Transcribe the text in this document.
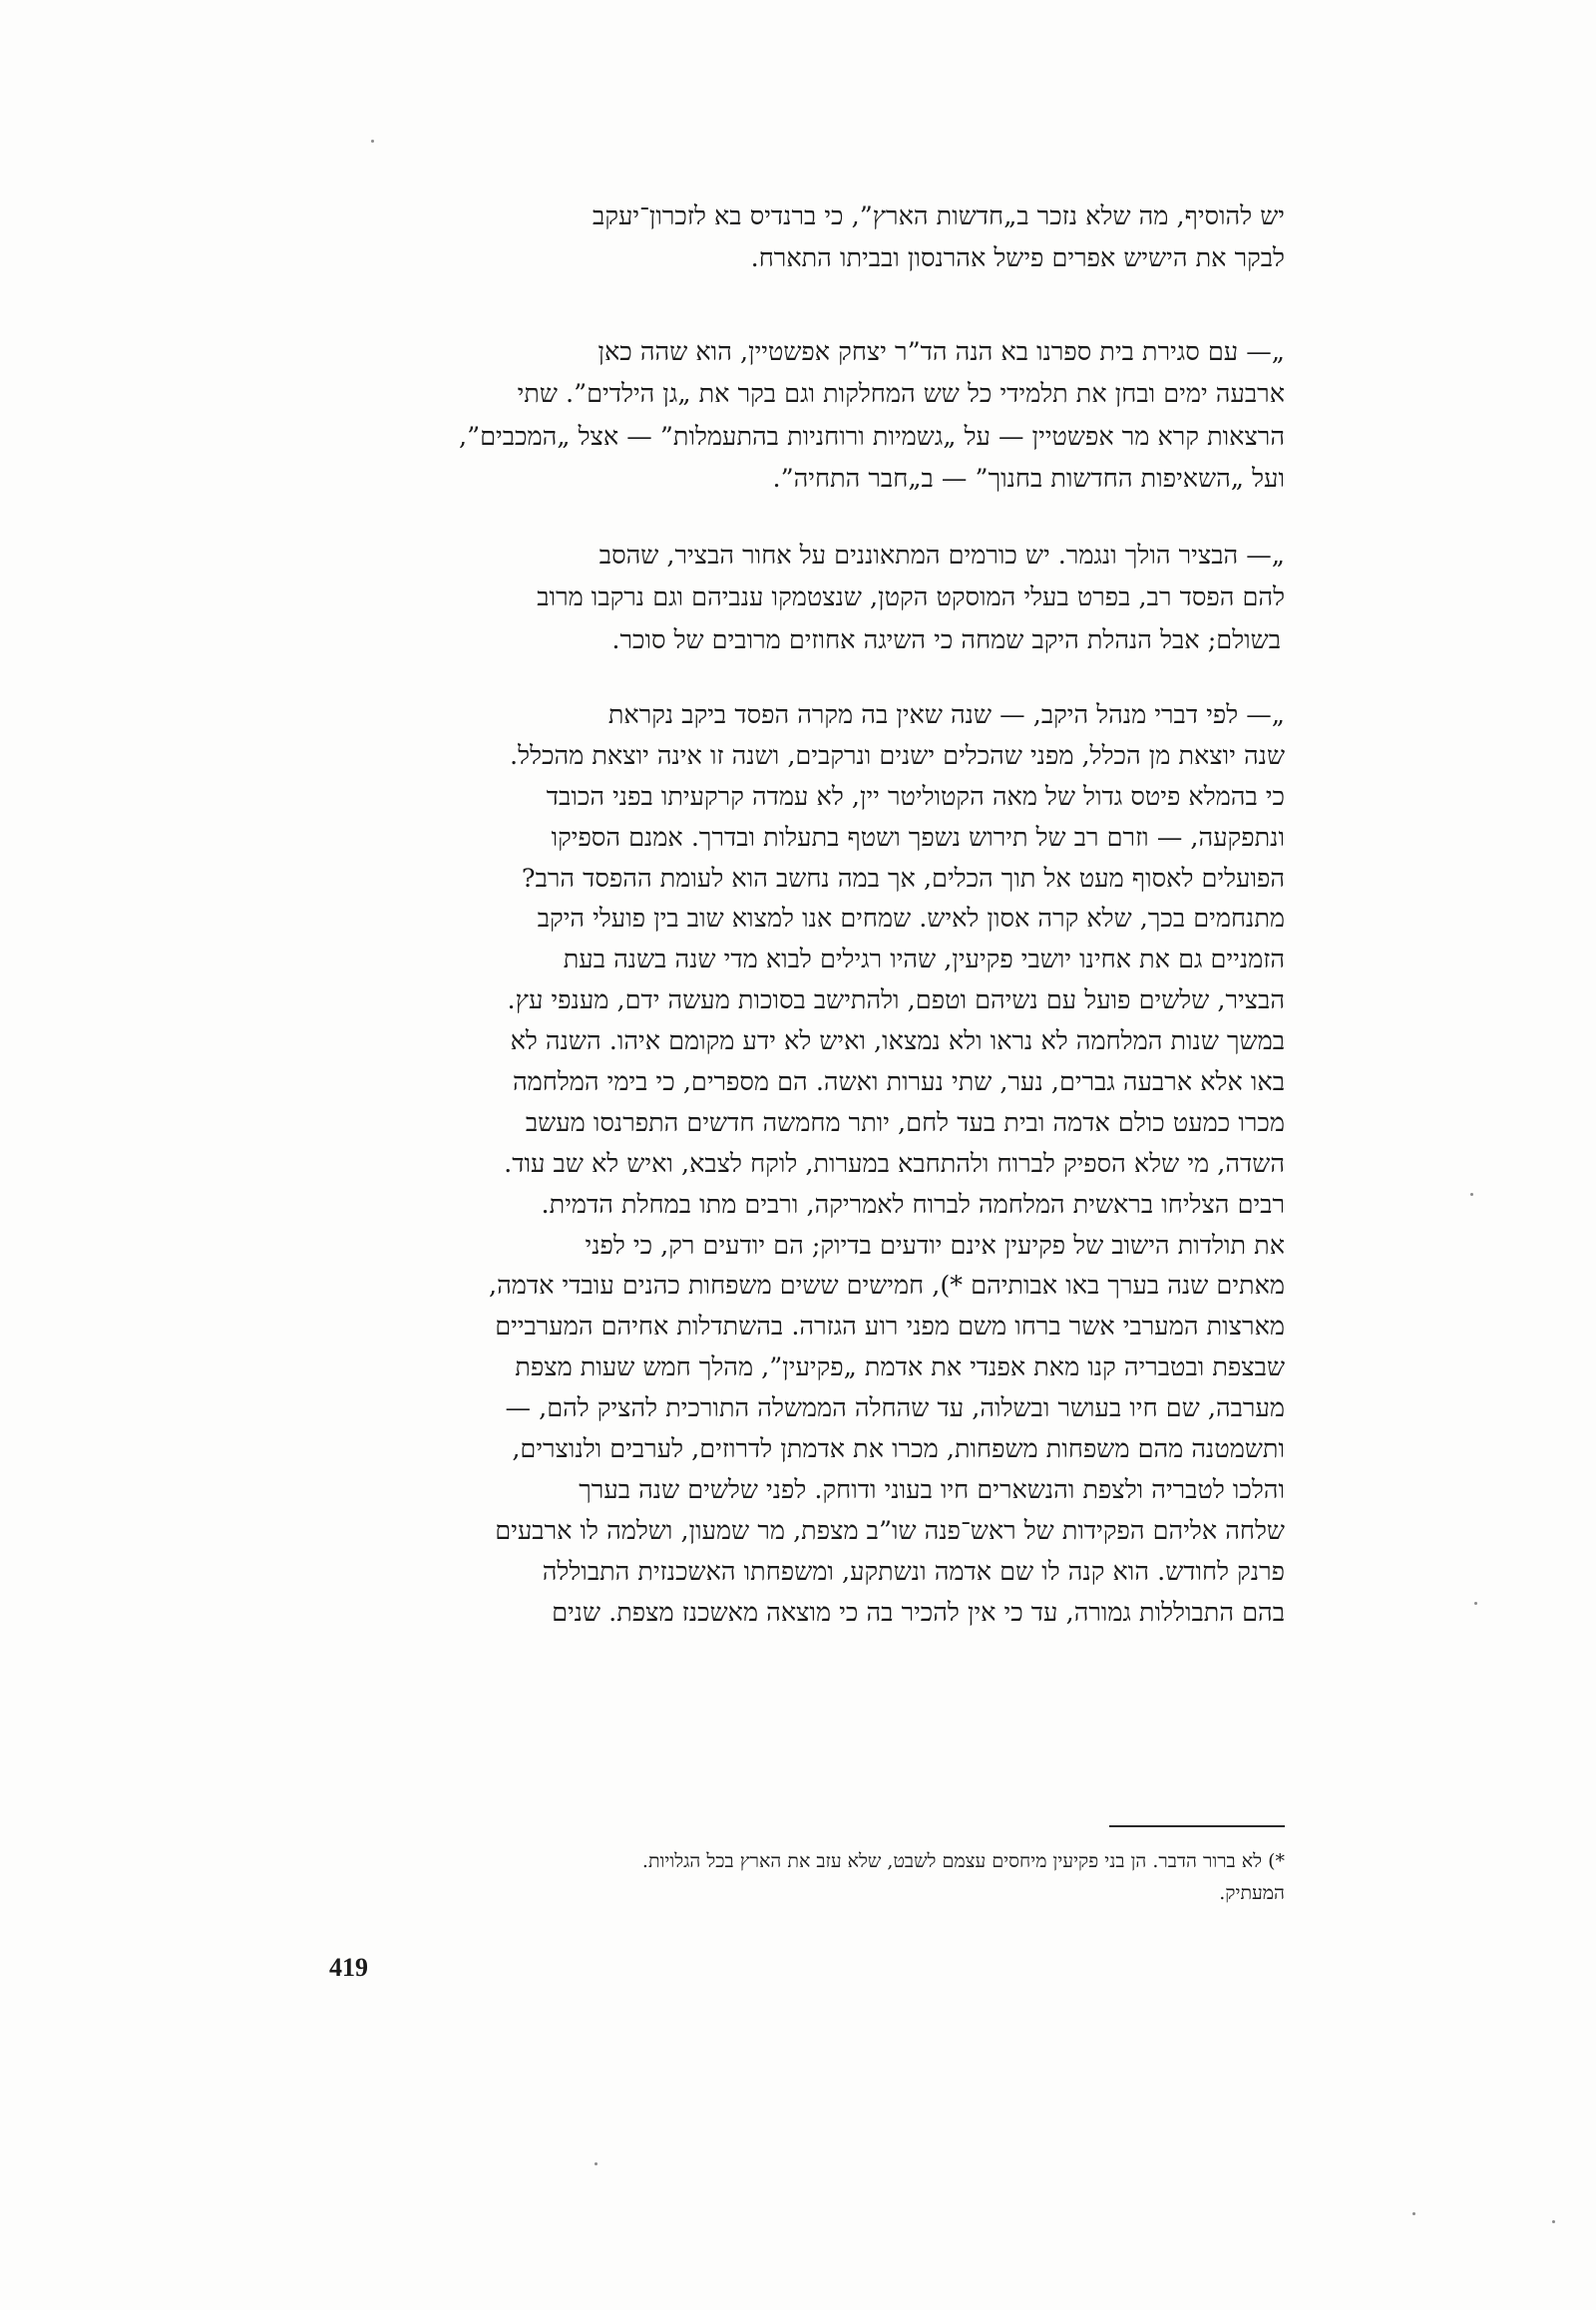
יש להוסיף, מה שלא נזכר ב„חדשות הארץ”, כי ברנדיס בא לזכרון־יעקב
לבקר את הישיש אפרים פישל אהרנסון ובביתו התארח.
„— עם סגירת בית ספרנו בא הנה הד”ר יצחק אפשטיין, הוא שהה כאן
ארבעה ימים ובחן את תלמידי כל שש המחלקות וגם בקר את „גן הילדים”. שתי
הרצאות קרא מר אפשטיין — על „גשמיות ורוחניות בהתעמלות” — אצל „המכבים”,
ועל „השאיפות החדשות בחנוך” — ב„חבר התחיה”.
„— הבציר הולך ונגמר. יש כורמים המתאוננים על אחור הבציר, שהסב
להם הפסד רב, בפרט בעלי המוסקט הקטן, שנצטמקו ענביהם וגם נרקבו מרוב
בשולם; אבל הנהלת היקב שמחה כי השיגה אחוזים מרובים של סוכר.
„— לפי דברי מנהל היקב, — שנה שאין בה מקרה הפסד ביקב נקראת
שנה יוצאת מן הכלל, מפני שהכלים ישנים ונרקבים, ושנה זו אינה יוצאת מהכלל.
כי בהמלא פיטס גדול של מאה הקטוליטר יין, לא עמדה קרקעיתו בפני הכובד
ונתפקעה, — וזרם רב של תירוש נשפך ושטף בתעלות ובדרך. אמנם הספיקו
הפועלים לאסוף מעט אל תוך הכלים, אך במה נחשב הוא לעומת ההפסד הרב?
מתנחמים בכך, שלא קרה אסון לאיש. שמחים אנו למצוא שוב בין פועלי היקב
הזמניים גם את אחינו יושבי פקיעין, שהיו רגילים לבוא מדי שנה בשנה בעת
הבציר, שלשים פועל עם נשיהם וטפם, ולהתישב בסוכות מעשה ידם, מענפי עץ.
במשך שנות המלחמה לא נראו ולא נמצאו, ואיש לא ידע מקומם איהו. השנה לא
באו אלא ארבעה גברים, נער, שתי נערות ואשה. הם מספרים, כי בימי המלחמה
מכרו כמעט כולם אדמה ובית בעד לחם, יותר מחמשה חדשים התפרנסו מעשב
השדה, מי שלא הספיק לברוח ולהתחבא במערות, לוקח לצבא, ואיש לא שב עוד.
רבים הצליחו בראשית המלחמה לברוח לאמריקה, ורבים מתו במחלת הדמית.
את תולדות הישוב של פקיעין אינם יודעים בדיוק; הם יודעים רק, כי לפני
מאתים שנה בערך באו אבותיהם *), חמישים ששים משפחות כהנים עובדי אדמה,
מארצות המערבי אשר ברחו משם מפני רוע הגזרה. בהשתדלות אחיהם המערביים
שבצפת ובטבריה קנו מאת אפנדי את אדמת „פקיעין”, מהלך חמש שעות מצפת
מערבה, שם חיו בעושר ובשלוה, עד שהחלה הממשלה התורכית להציק להם, —
ותשמטנה מהם משפחות משפחות, מכרו את אדמתן לדרוזים, לערבים ולנוצרים,
והלכו לטבריה ולצפת והנשארים חיו בעוני ודוחק. לפני שלשים שנה בערך
שלחה אליהם הפקידות של ראש־פנה שו”ב מצפת, מר שמעון, ושלמה לו ארבעים
פרנק לחודש. הוא קנה לו שם אדמה ונשתקע, ומשפחתו האשכנזית התבוללה
בהם התבוללות גמורה, עד כי אין להכיר בה כי מוצאה מאשכנז מצפת. שנים
*) לא ברור הדבר. הן בני פקיעין מיחסים עצמם לשבט, שלא עזב את הארץ בכל הגלויות.
המעתיק.
419
